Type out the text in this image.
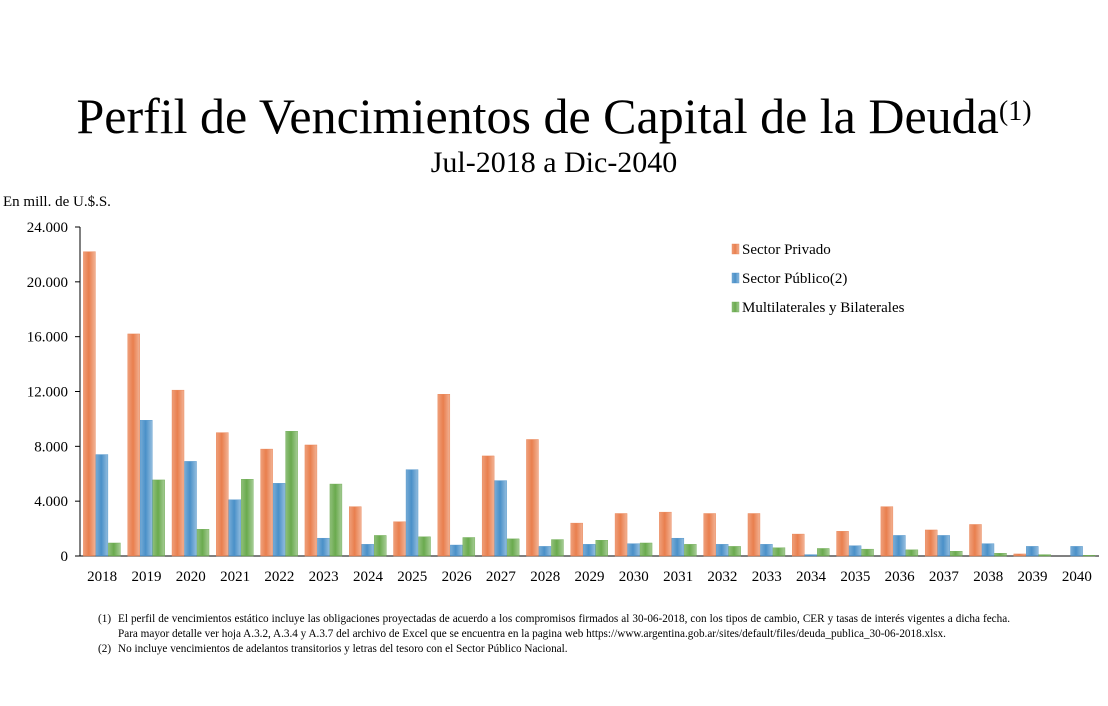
Perfil de Vencimientos de Capital de la Deuda$^{(1)}$
Jul-2018 a Dic-2040
En mill. de U.$.S.
0
4.000
8.000
12.000
16.000
20.000
24.000
2018 2019 2020 2021 2022 2023 2024 2025 2026 2027 2028 2029 2030 2031 2032 2033 2034 2035 2036 2037 2038 2039 2040
Sector Privado
Sector Público(2)
Multilaterales y Bilaterales
(1) El perfil de vencimientos estático incluye las obligaciones proyectadas de acuerdo a los compromisos firmados al 30-06-2018, con los tipos de cambio, CER y tasas de interés vigentes a dicha fecha. Para mayor detalle ver hoja A.3.2, A.3.4 y A.3.7 del archivo de Excel que se encuentra en la pagina web https://www.argentina.gob.ar/sites/default/files/deuda_publica_30-06-2018.xlsx.
(2) No incluye vencimientos de adelantos transitorios y letras del tesoro con el Sector Público Nacional.
